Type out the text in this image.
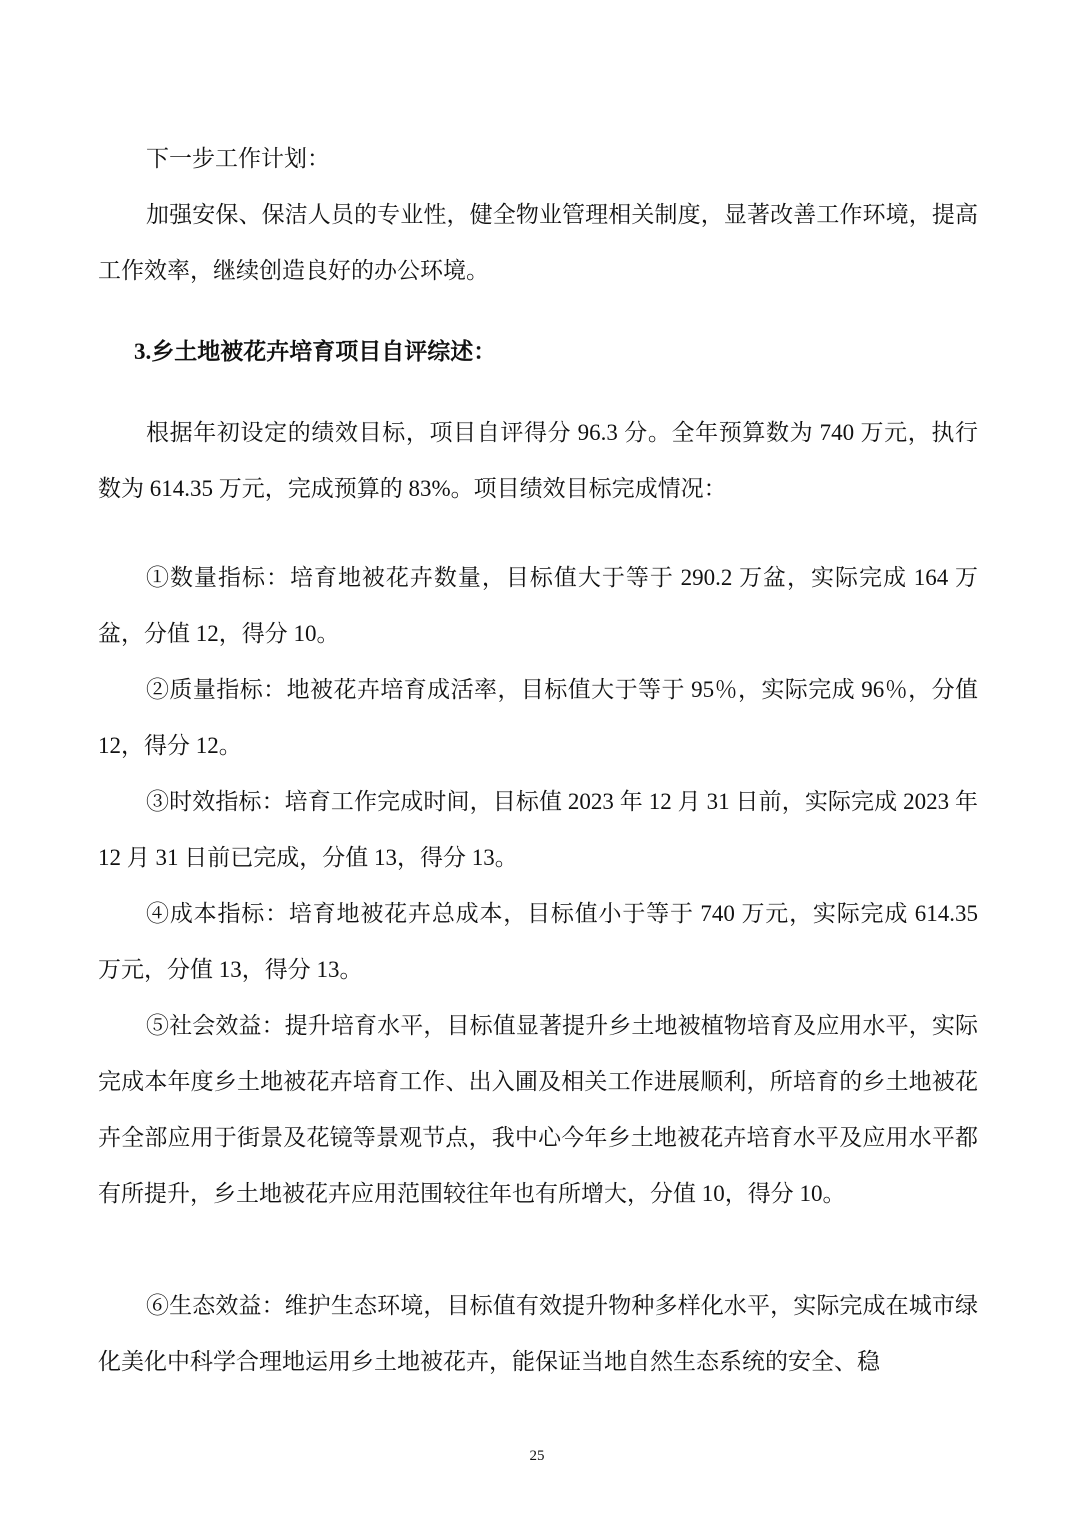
下一步工作计划：

加强安保、保洁人员的专业性，健全物业管理相关制度，显著改善工作环境，提高工作效率，继续创造良好的办公环境。

3.乡土地被花卉培育项目自评综述：

根据年初设定的绩效目标，项目自评得分 96.3 分。全年预算数为 740 万元，执行数为 614.35 万元，完成预算的 83%。项目绩效目标完成情况：

①数量指标：培育地被花卉数量，目标值大于等于 290.2 万盆，实际完成 164 万盆，分值 12，得分 10。

②质量指标：地被花卉培育成活率，目标值大于等于 95％，实际完成 96％，分值 12，得分 12。

③时效指标：培育工作完成时间，目标值 2023 年 12 月 31 日前，实际完成 2023 年 12 月 31 日前已完成，分值 13，得分 13。

④成本指标：培育地被花卉总成本，目标值小于等于 740 万元，实际完成 614.35 万元，分值 13，得分 13。

⑤社会效益：提升培育水平，目标值显著提升乡土地被植物培育及应用水平，实际完成本年度乡土地被花卉培育工作、出入圃及相关工作进展顺利，所培育的乡土地被花卉全部应用于街景及花镜等景观节点，我中心今年乡土地被花卉培育水平及应用水平都有所提升，乡土地被花卉应用范围较往年也有所增大，分值 10，得分 10。

⑥生态效益：维护生态环境，目标值有效提升物种多样化水平，实际完成在城市绿化美化中科学合理地运用乡土地被花卉，能保证当地自然生态系统的安全、稳

25
